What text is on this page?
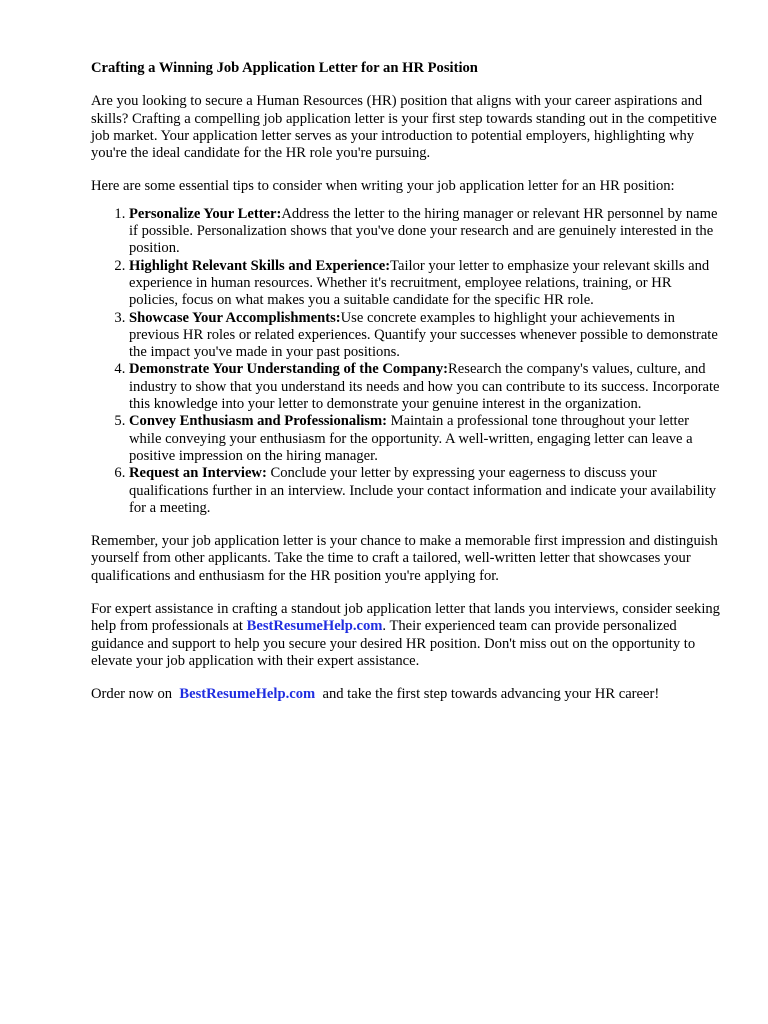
Crafting a Winning Job Application Letter for an HR Position

Are you looking to secure a Human Resources (HR) position that aligns with your career aspirations and skills? Crafting a compelling job application letter is your first step towards standing out in the competitive job market. Your application letter serves as your introduction to potential employers, highlighting why you're the ideal candidate for the HR role you're pursuing.

Here are some essential tips to consider when writing your job application letter for an HR position:

1. Personalize Your Letter:Address the letter to the hiring manager or relevant HR personnel by name if possible. Personalization shows that you've done your research and are genuinely interested in the position.
2. Highlight Relevant Skills and Experience:Tailor your letter to emphasize your relevant skills and experience in human resources. Whether it's recruitment, employee relations, training, or HR policies, focus on what makes you a suitable candidate for the specific HR role.
3. Showcase Your Accomplishments:Use concrete examples to highlight your achievements in previous HR roles or related experiences. Quantify your successes whenever possible to demonstrate the impact you've made in your past positions.
4. Demonstrate Your Understanding of the Company:Research the company's values, culture, and industry to show that you understand its needs and how you can contribute to its success. Incorporate this knowledge into your letter to demonstrate your genuine interest in the organization.
5. Convey Enthusiasm and Professionalism: Maintain a professional tone throughout your letter while conveying your enthusiasm for the opportunity. A well-written, engaging letter can leave a positive impression on the hiring manager.
6. Request an Interview: Conclude your letter by expressing your eagerness to discuss your qualifications further in an interview. Include your contact information and indicate your availability for a meeting.

Remember, your job application letter is your chance to make a memorable first impression and distinguish yourself from other applicants. Take the time to craft a tailored, well-written letter that showcases your qualifications and enthusiasm for the HR position you're applying for.

For expert assistance in crafting a standout job application letter that lands you interviews, consider seeking help from professionals at BestResumeHelp.com. Their experienced team can provide personalized guidance and support to help you secure your desired HR position. Don't miss out on the opportunity to elevate your job application with their expert assistance.

Order now on  BestResumeHelp.com  and take the first step towards advancing your HR career!
